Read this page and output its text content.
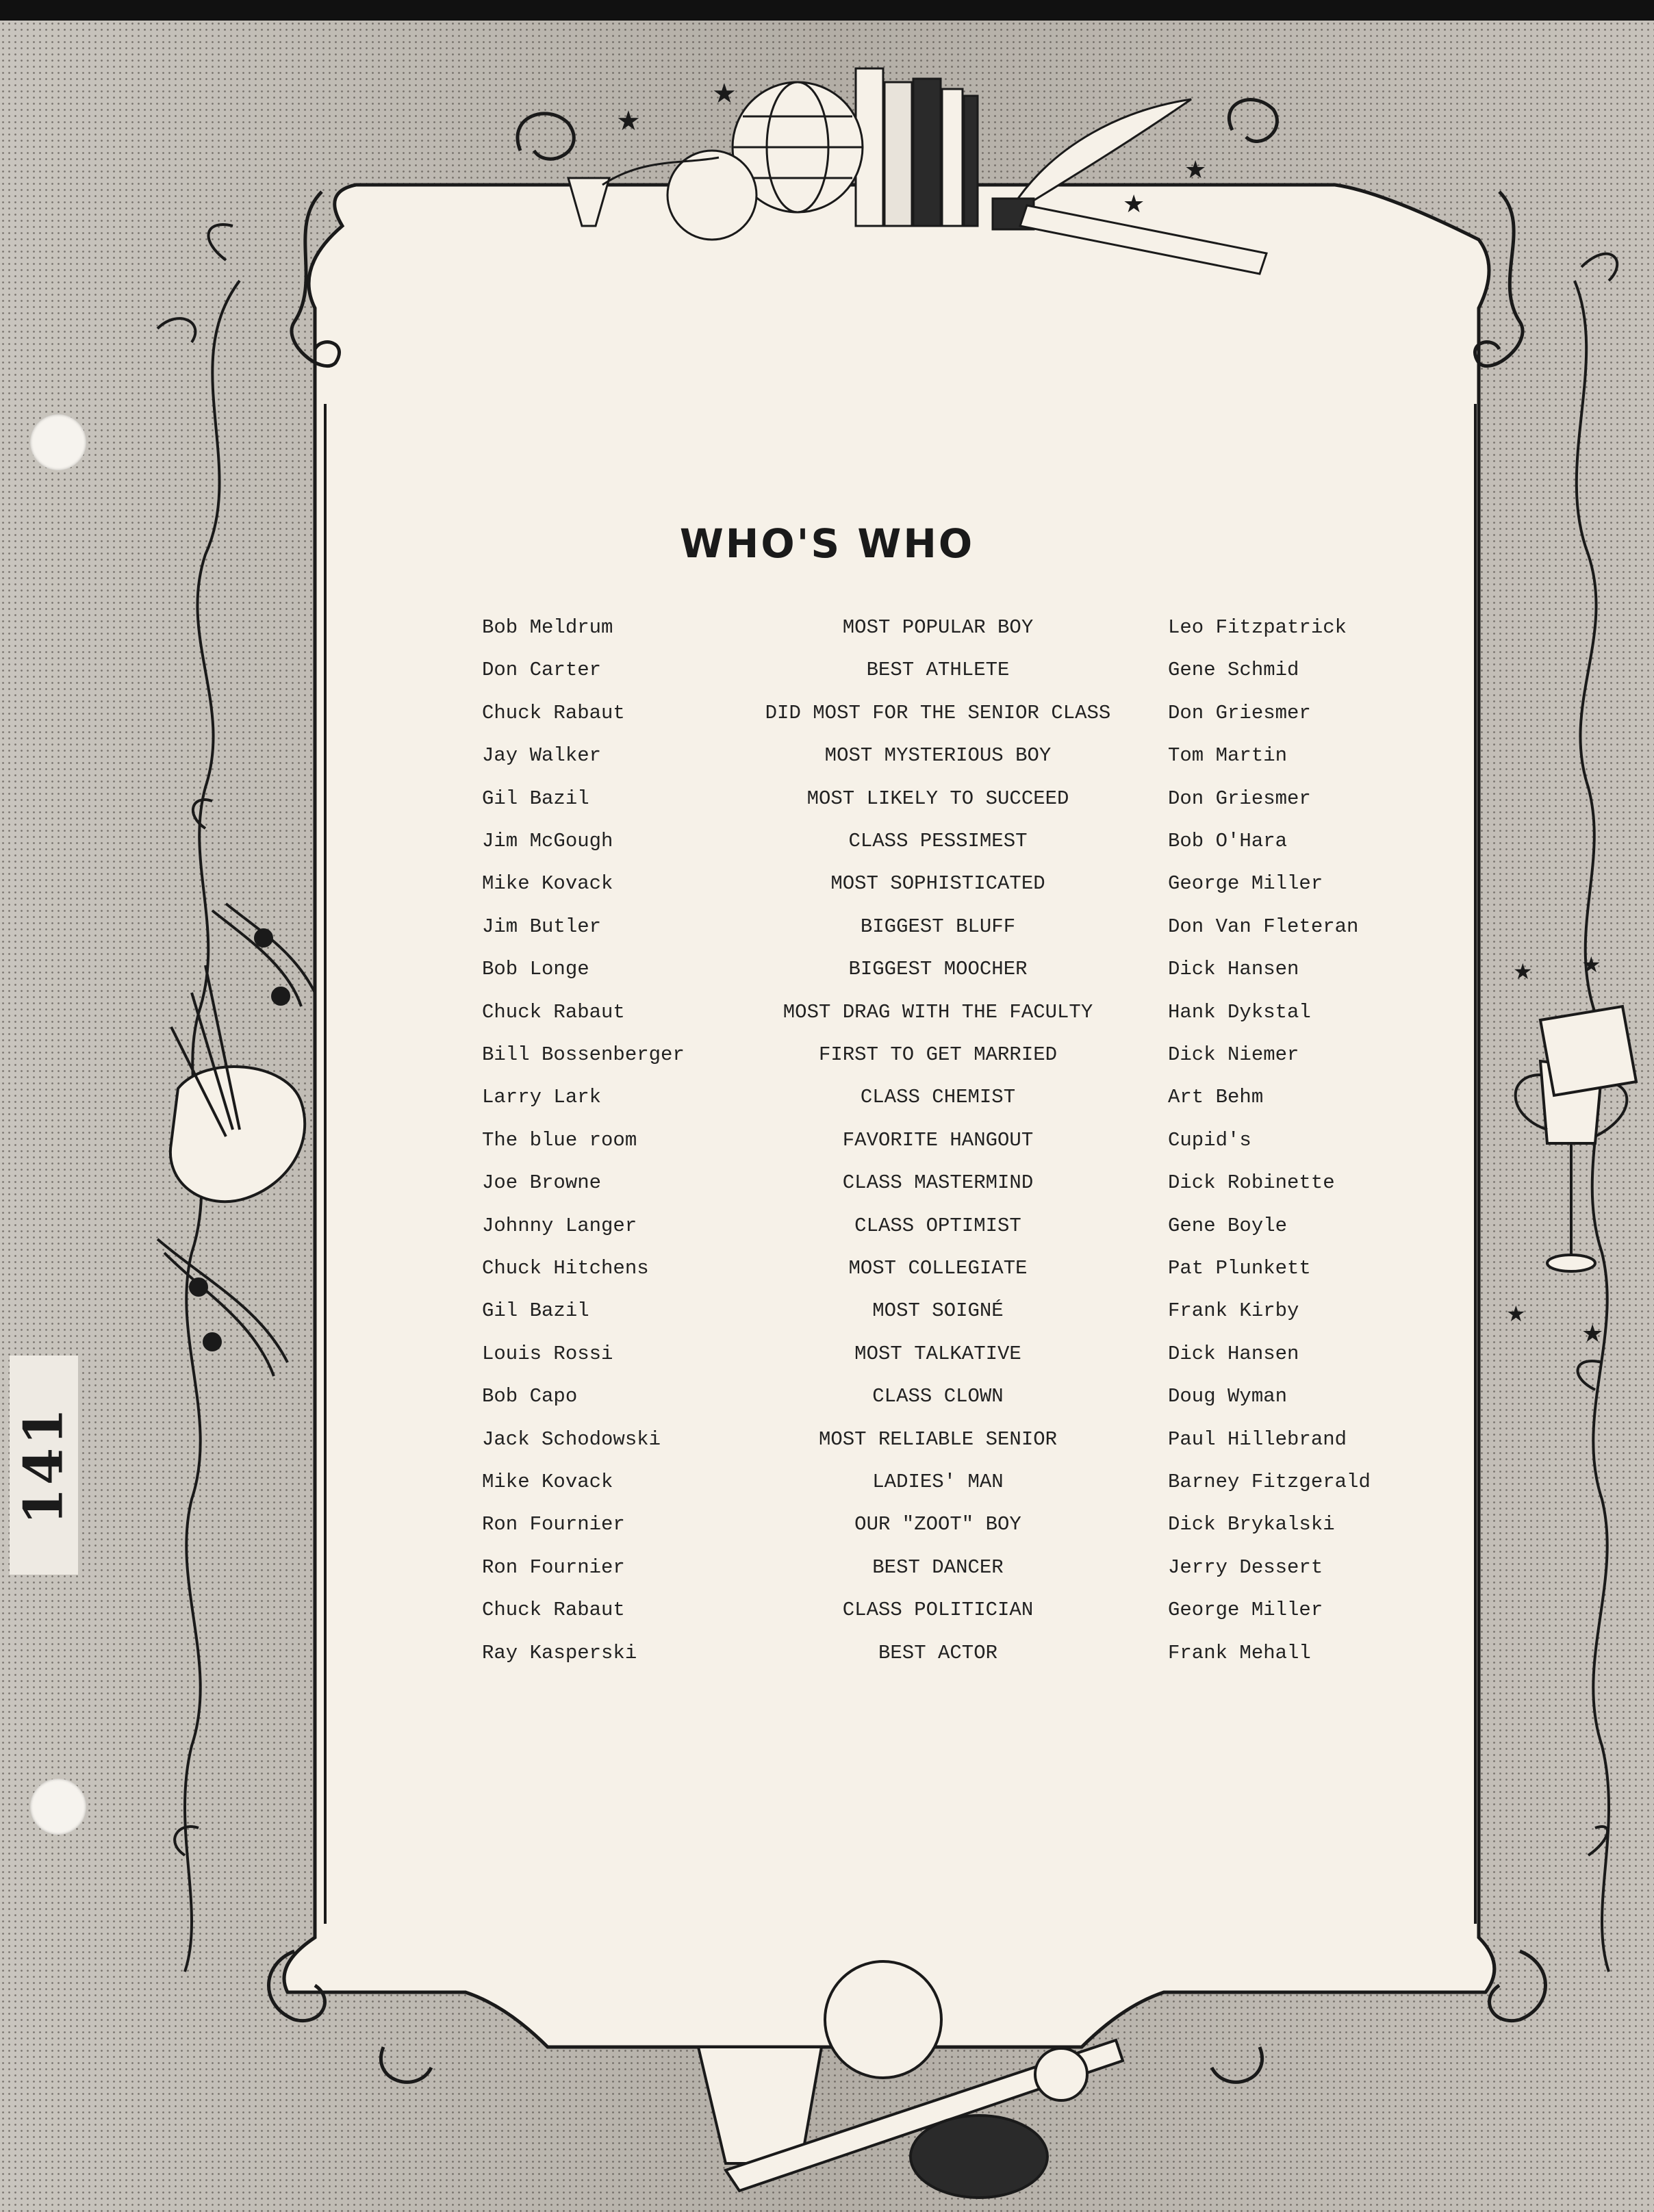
★
★
★
★
★ ★
★
★
141
WHO'S WHO
Bob Meldrum	MOST POPULAR BOY	Leo Fitzpatrick
Don Carter	BEST ATHLETE	Gene Schmid
Chuck Rabaut	DID MOST FOR THE SENIOR CLASS	Don Griesmer
Jay Walker	MOST MYSTERIOUS BOY	Tom Martin
Gil Bazil	MOST LIKELY TO SUCCEED	Don Griesmer
Jim McGough	CLASS PESSIMEST	Bob O'Hara
Mike Kovack	MOST SOPHISTICATED	George Miller
Jim Butler	BIGGEST BLUFF	Don Van Fleteran
Bob Longe	BIGGEST MOOCHER	Dick Hansen
Chuck Rabaut	MOST DRAG WITH THE FACULTY	Hank Dykstal
Bill Bossenberger	FIRST TO GET MARRIED	Dick Niemer
Larry Lark	CLASS CHEMIST	Art Behm
The blue room	FAVORITE HANGOUT	Cupid's
Joe Browne	CLASS MASTERMIND	Dick Robinette
Johnny Langer	CLASS OPTIMIST	Gene Boyle
Chuck Hitchens	MOST COLLEGIATE	Pat Plunkett
Gil Bazil	MOST SOIGNÉ	Frank Kirby
Louis Rossi	MOST TALKATIVE	Dick Hansen
Bob Capo	CLASS CLOWN	Doug Wyman
Jack Schodowski	MOST RELIABLE SENIOR	Paul Hillebrand
Mike Kovack	LADIES' MAN	Barney Fitzgerald
Ron Fournier	OUR "ZOOT" BOY	Dick Brykalski
Ron Fournier	BEST DANCER	Jerry Dessert
Chuck Rabaut	CLASS POLITICIAN	George Miller
Ray Kasperski	BEST ACTOR	Frank Mehall
